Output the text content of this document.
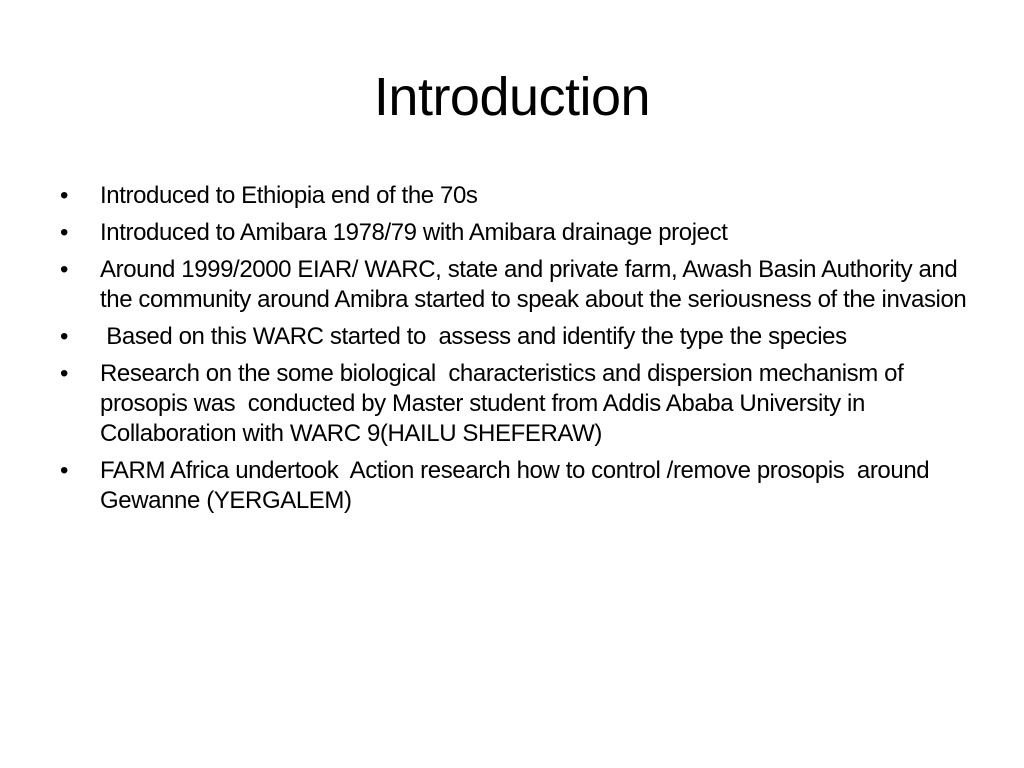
Introduction
•	Introduced to Ethiopia end of the 70s
•	Introduced to Amibara 1978/79 with Amibara drainage project
•	Around 1999/2000 EIAR/ WARC, state and private farm, Awash Basin Authority and the community around Amibra started to speak about the seriousness of the invasion
•	Based on this WARC started to  assess and identify the type the species
•	Research on the some biological  characteristics and dispersion mechanism of prosopis was  conducted by Master student from Addis Ababa University in Collaboration with WARC 9(HAILU SHEFERAW)
•	FARM Africa undertook  Action research how to control /remove prosopis  around Gewanne (YERGALEM)
